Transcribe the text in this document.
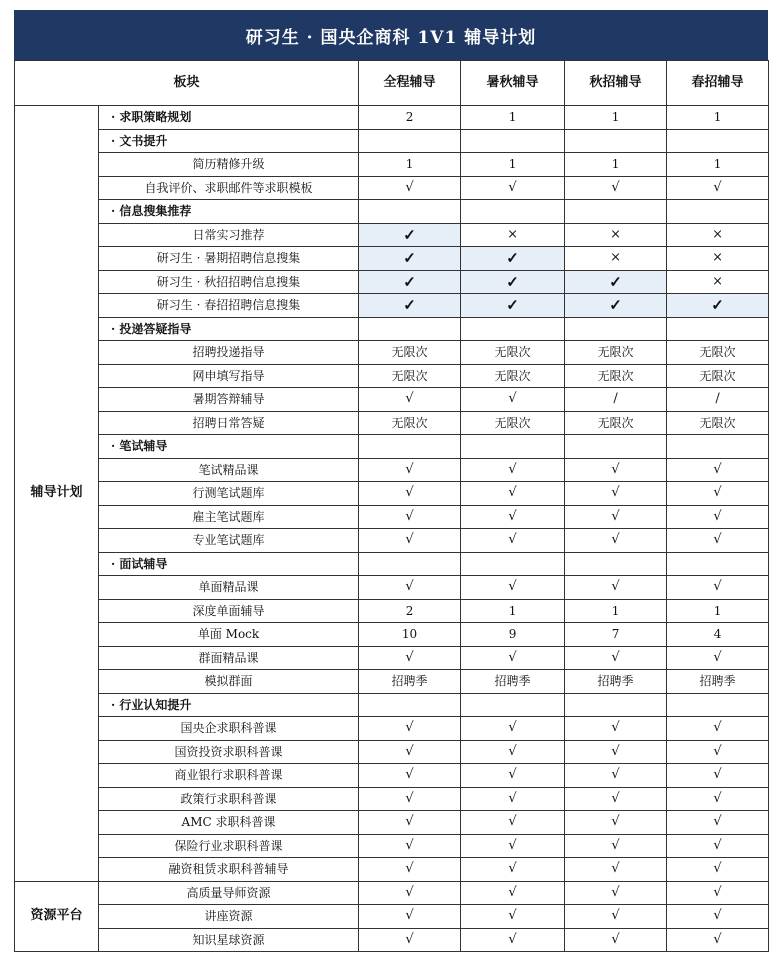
研习生 · 国央企商科 1V1 辅导计划
板块		全程辅导	暑秋辅导	秋招辅导	春招辅导
辅导计划	· 求职策略规划	2	1	1	1
	· 文书提升				
	简历精修升级	1	1	1	1
	自我评价、求职邮件等求职模板	√	√	√	√
	· 信息搜集推荐				
	日常实习推荐	✓	×	×	×
	研习生 · 暑期招聘信息搜集	✓	✓	×	×
	研习生 · 秋招招聘信息搜集	✓	✓	✓	×
	研习生 · 春招招聘信息搜集	✓	✓	✓	✓
	· 投递答疑指导				
	招聘投递指导	无限次	无限次	无限次	无限次
	网申填写指导	无限次	无限次	无限次	无限次
	暑期答辩辅导	√	√	/	/
	招聘日常答疑	无限次	无限次	无限次	无限次
	· 笔试辅导				
	笔试精品课	√	√	√	√
	行测笔试题库	√	√	√	√
	雇主笔试题库	√	√	√	√
	专业笔试题库	√	√	√	√
	· 面试辅导				
	单面精品课	√	√	√	√
	深度单面辅导	2	1	1	1
	单面 Mock	10	9	7	4
	群面精品课	√	√	√	√
	模拟群面	招聘季	招聘季	招聘季	招聘季
	· 行业认知提升				
	国央企求职科普课	√	√	√	√
	国资投资求职科普课	√	√	√	√
	商业银行求职科普课	√	√	√	√
	政策行求职科普课	√	√	√	√
	AMC 求职科普课	√	√	√	√
	保险行业求职科普课	√	√	√	√
	融资租赁求职科普辅导	√	√	√	√
资源平台	高质量导师资源	√	√	√	√
	讲座资源	√	√	√	√
	知识星球资源	√	√	√	√
